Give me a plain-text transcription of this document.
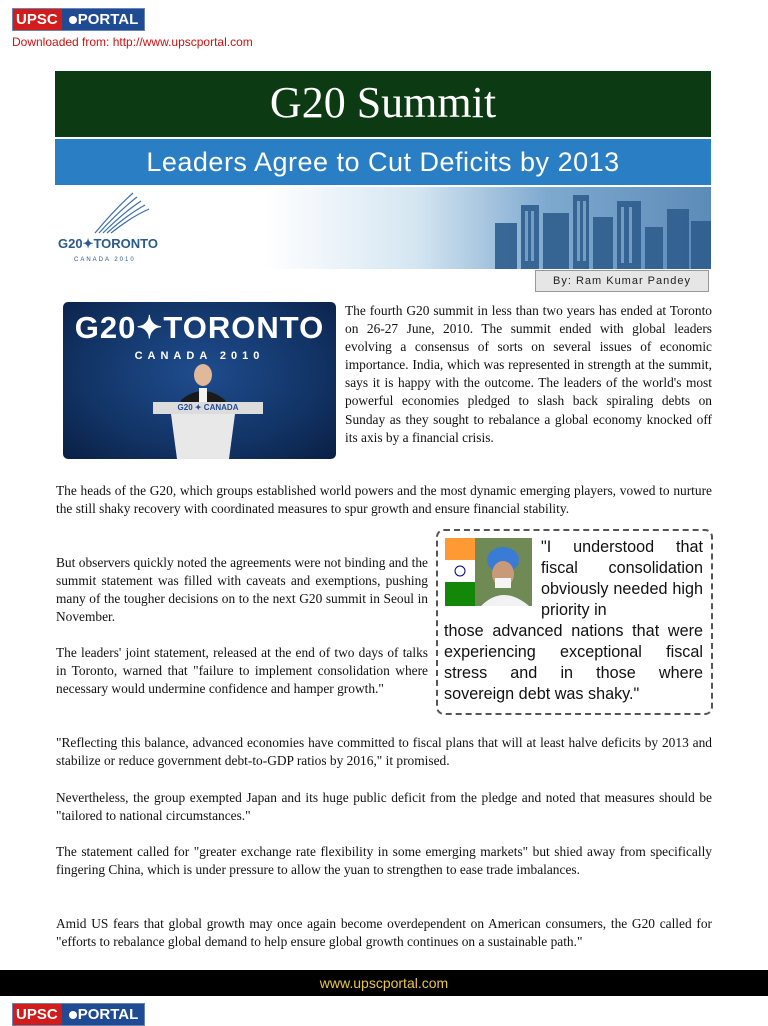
UPSC	PORTAL
Downloaded from: http://www.upscportal.com
G20 Summit
Leaders Agree to Cut Deficits by 2013
G20✦TORONTO
CANADA 2010
By: Ram Kumar Pandey
G20✦TORONTO
CANADA 2010
G20 ✦ CANADA
The fourth G20 summit in less than two years has ended at Toronto on 26-27 June, 2010. The summit ended with global leaders evolving a consensus of sorts on several issues of economic importance. India, which was represented in strength at the summit, says it is happy with the outcome. The leaders of the world's most powerful economies pledged to slash back spiraling debts on Sunday as they sought to rebalance a global economy knocked off its axis by a financial crisis.
The heads of the G20, which groups established world powers and the most dynamic emerging players, vowed to nurture the still shaky recovery with coordinated measures to spur growth and ensure financial stability.
But observers quickly noted the agreements were not binding and the summit statement was filled with caveats and exemptions, pushing many of the tougher decisions on to the next G20 summit in Seoul in November.
The leaders' joint statement, released at the end of two days of talks in Toronto, warned that "failure to implement consolidation where necessary would undermine confidence and hamper growth."
"Reflecting this balance, advanced economies have committed to fiscal plans that will at least halve deficits by 2013 and stabilize or reduce government debt-to-GDP ratios by 2016," it promised.
Nevertheless, the group exempted Japan and its huge public deficit from the pledge and noted that measures should be "tailored to national circumstances."
The statement called for "greater exchange rate flexibility in some emerging markets" but shied away from specifically fingering China, which is under pressure to allow the yuan to strengthen to ease trade imbalances.
Amid US fears that global growth may once again become overdependent on American consumers, the G20 called for "efforts to rebalance global demand to help ensure global growth continues on a sustainable path."
"I understood that fiscal consolidation obviously needed high priority in
those advanced nations that were experiencing exceptional fiscal stress and in those where sovereign debt was shaky."
www.upscportal.com
UPSC	PORTAL
